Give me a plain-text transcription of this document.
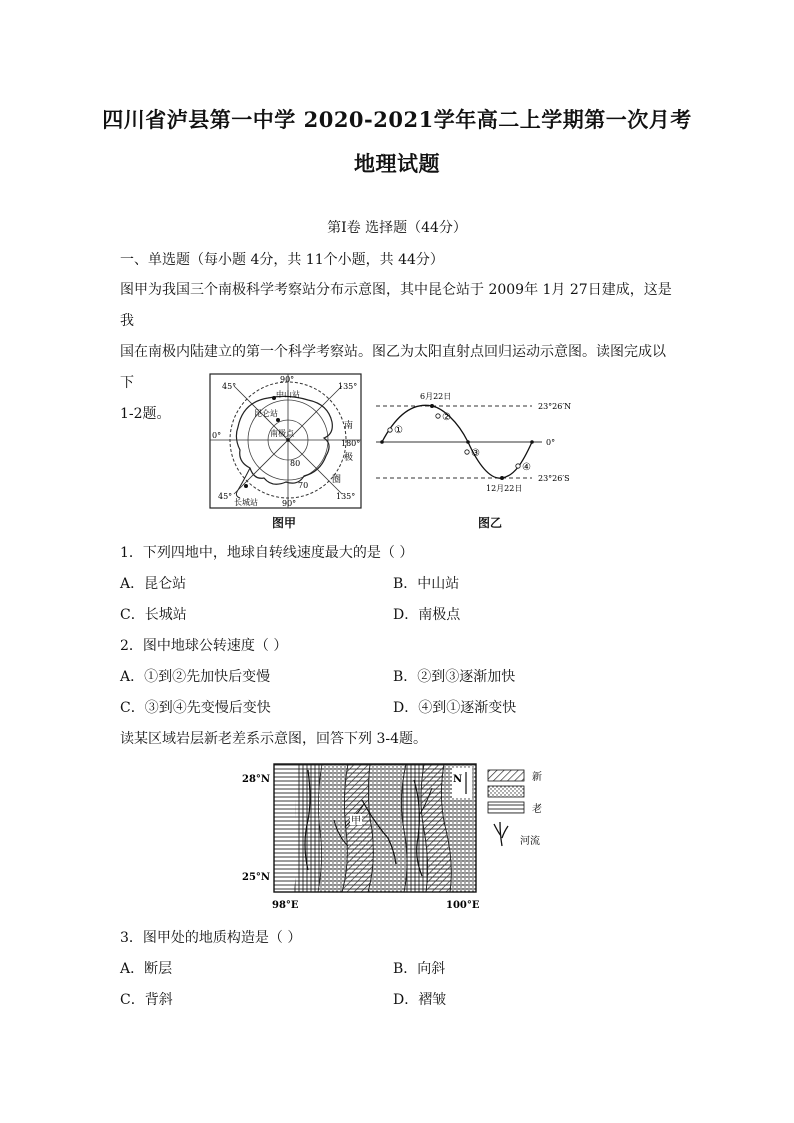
四川省泸县第一中学 2020-2021学年高二上学期第一次月考
地理试题
第Ⅰ卷 选择题（44分）
一、单选题（每小题 4分，共 11个小题，共 44分）
图甲为我国三个南极科学考察站分布示意图，其中昆仑站于 2009年 1月 27日建成，这是我
国在南极内陆建立的第一个科学考察站。图乙为太阳直射点回归运动示意图。读图完成以下
1-2题。
90°
45°	135°
0°
180°
45°
90°
135°
中山站
昆仑站
南极点
长城站
80
70
南
极
圈
图甲
6月22日
12月22日
23°26′N
0°
23°26′S
①
②
③
④
图乙
1．下列四地中，地球自转线速度最大的是（ ）
A．昆仑站	B．中山站
C．长城站	D．南极点
2．图中地球公转速度（ ）
A．①到②先加快后变慢	B．②到③逐渐加快
C．③到④先变慢后变快	D．④到①逐渐变快
读某区域岩层新老差系示意图，回答下列 3-4题。
28°N
25°N
98°E	100°E
甲
N	新
老
河流
3．图甲处的地质构造是（ ）
A．断层	B．向斜
C．背斜	D．褶皱
